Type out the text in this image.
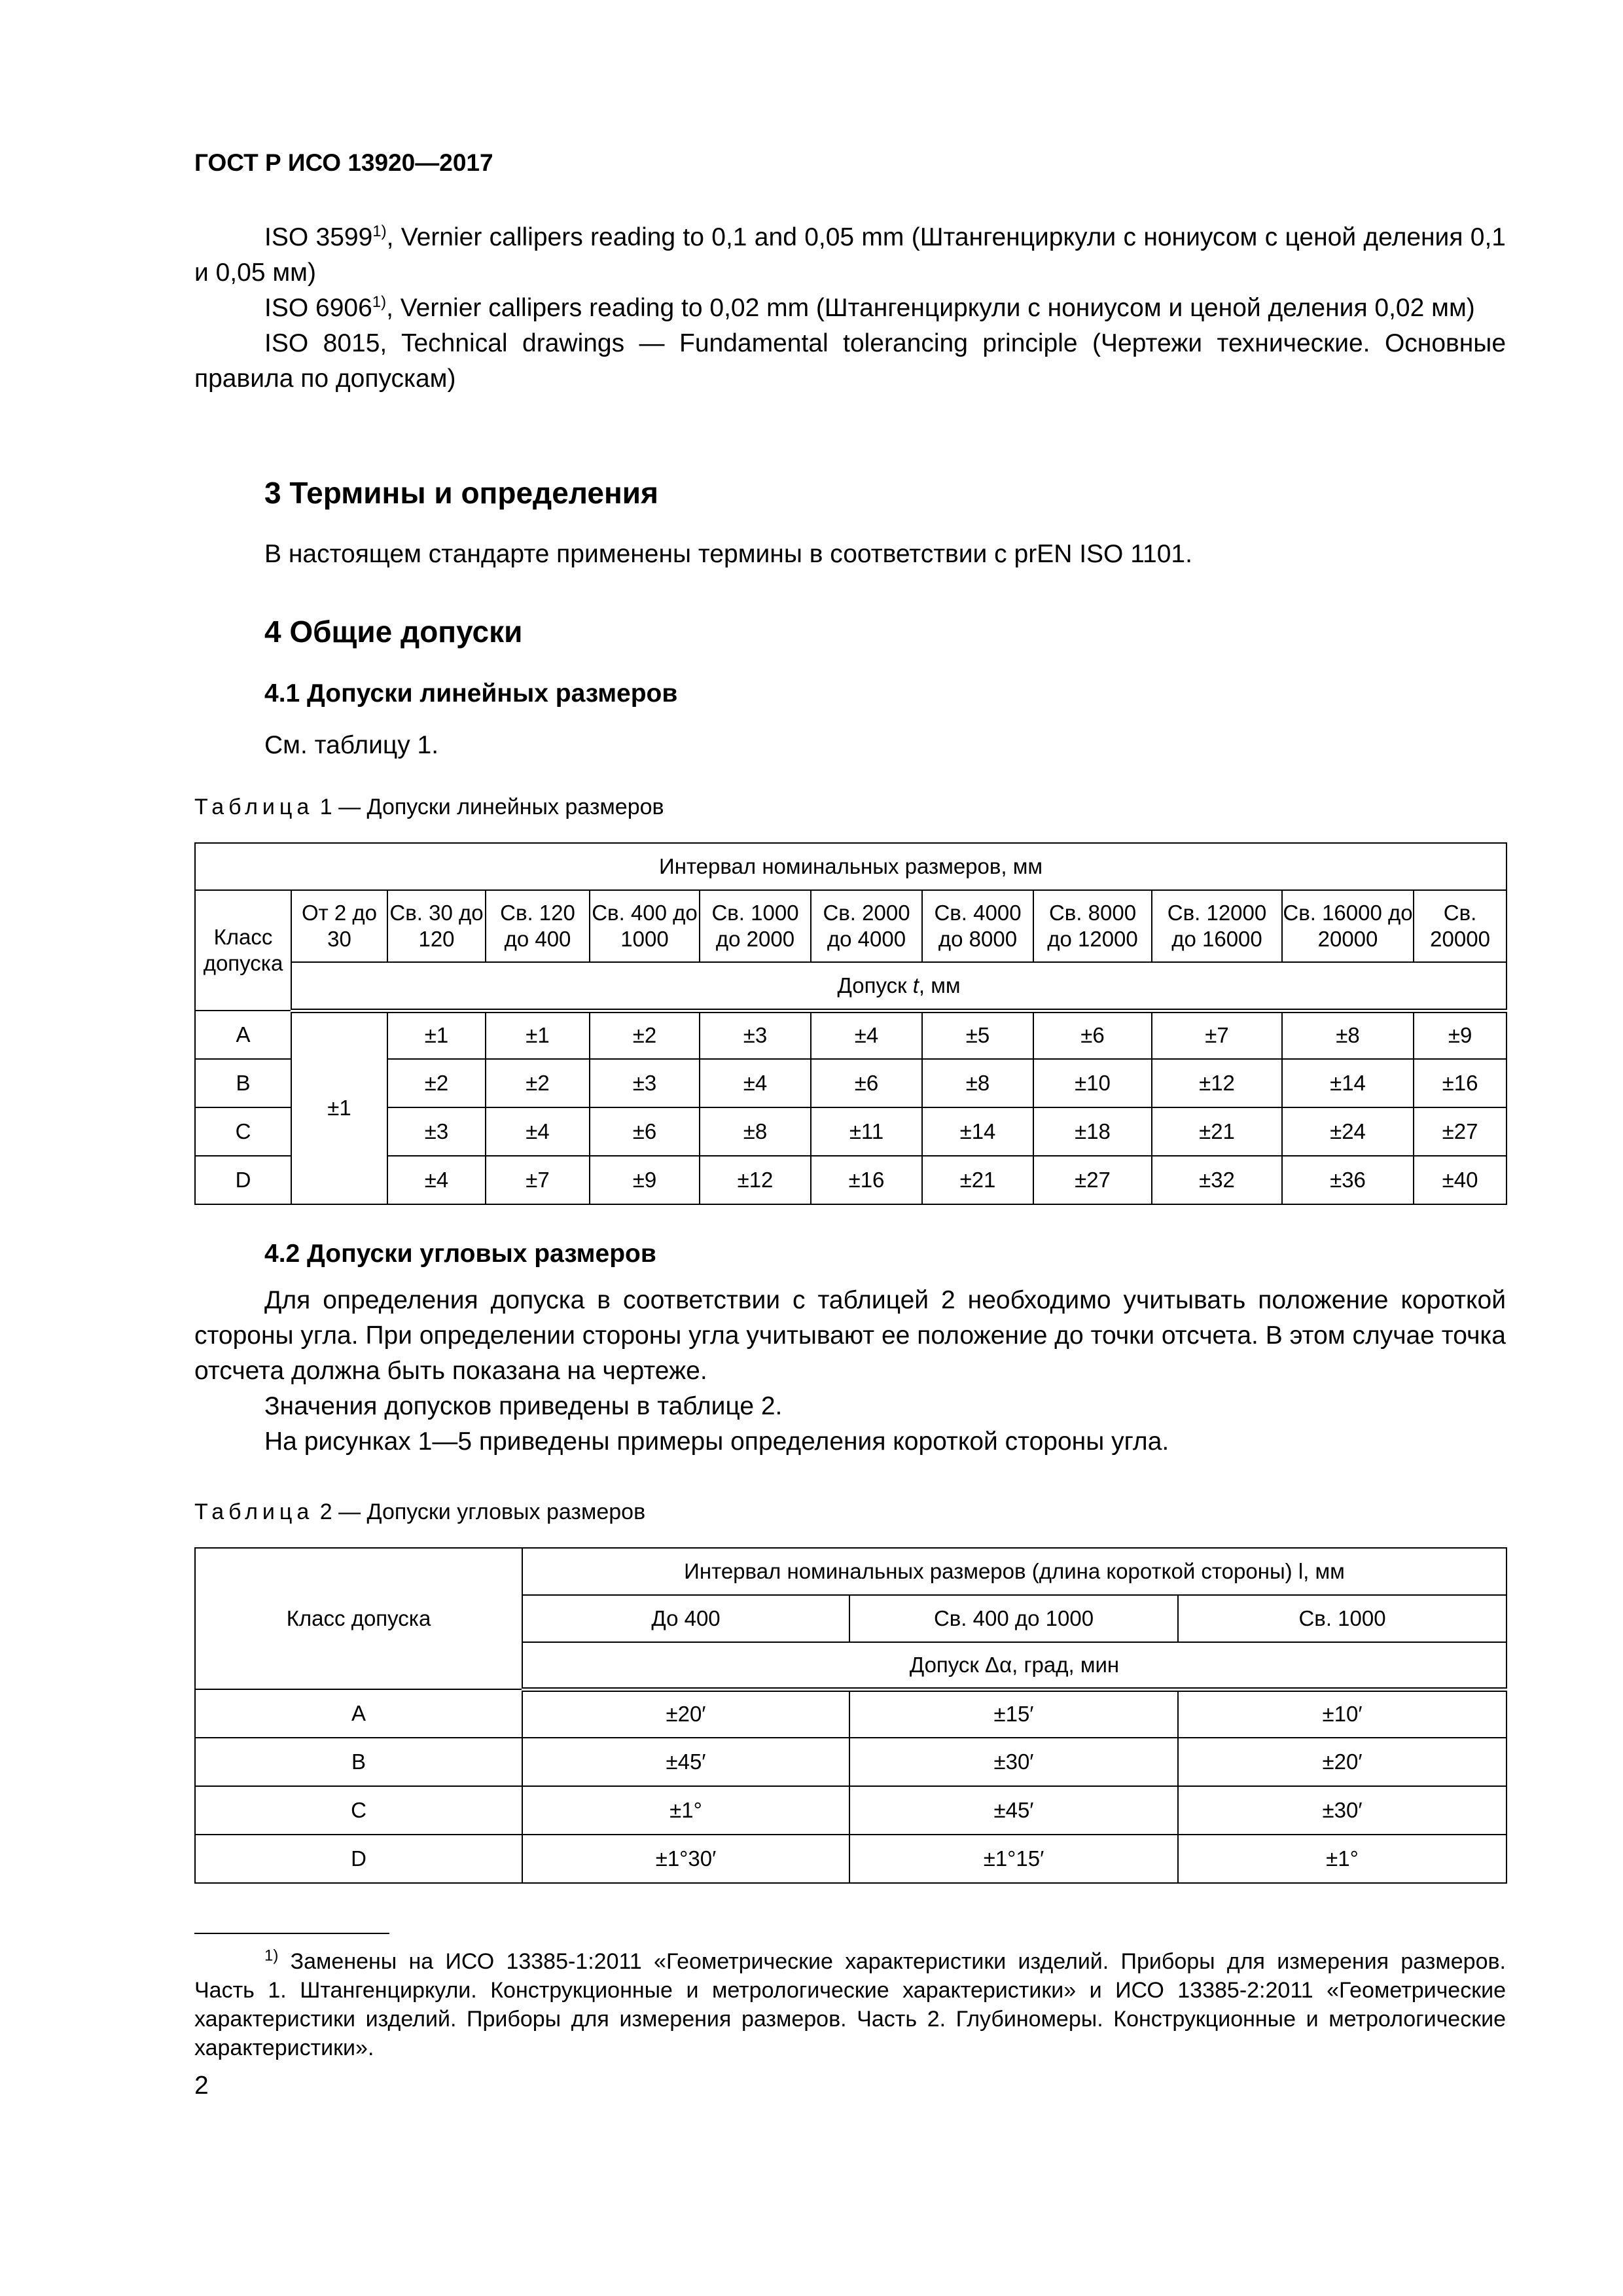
ГОСТ Р ИСО 13920—2017

ISO 3599$^{1)}$, Vernier callipers reading to 0,1 and 0,05 mm (Штангенциркули с нониусом с ценой деления 0,1 и 0,05 мм)

ISO 6906$^{1)}$, Vernier callipers reading to 0,02 mm (Штангенциркули с нониусом и ценой деления 0,02 мм)

ISO 8015, Technical drawings — Fundamental tolerancing principle (Чертежи технические. Основные правила по допускам)

3 Термины и определения
В настоящем стандарте применены термины в соответствии с prEN ISO 1101.
4 Общие допуски
4.1 Допуски линейных размеров
См. таблицу 1.
Таблица 1 — Допуски линейных размеров
Интервал номинальных размеров, мм											
Класс допуска	От 2 до 30	Св. 30 до 120	Св. 120 до 400	Св. 400 до 1000	Св. 1000 до 2000	Св. 2000 до 4000	Св. 4000 до 8000	Св. 8000 до 12000	Св. 12000 до 16000	Св. 16000 до 20000	Св. 20000
	Допуск t, мм										
A	±1	±1	±1	±2	±3	±4	±5	±6	±7	±8	±9
B		±2	±2	±3	±4	±6	±8	±10	±12	±14	±16
C		±3	±4	±6	±8	±11	±14	±18	±21	±24	±27
D		±4	±7	±9	±12	±16	±21	±27	±32	±36	±40
4.2 Допуски угловых размеров

Для определения допуска в соответствии с таблицей 2 необходимо учитывать положение короткой стороны угла. При определении стороны угла учитывают ее положение до точки отсчета. В этом случае точка отсчета должна быть показана на чертеже.

Значения допусков приведены в таблице 2.

На рисунках 1—5 приведены примеры определения короткой стороны угла.

Таблица 2 — Допуски угловых размеров
Класс допуска	Интервал номинальных размеров (длина короткой стороны) l, мм		
	До 400	Св. 400 до 1000	Св. 1000
	Допуск Δα, град, мин		
A	±20′	±15′	±10′
B	±45′	±30′	±20′
C	±1°	±45′	±30′
D	±1°30′	±1°15′	±1°
$^{1)}$ Заменены на ИСО 13385-1:2011 «Геометрические характеристики изделий. Приборы для измерения размеров. Часть 1. Штангенциркули. Конструкционные и метрологические характеристики» и ИСО 13385-2:2011 «Геометрические характеристики изделий. Приборы для измерения размеров. Часть 2. Глубиномеры. Конструкционные и метрологические характеристики».
2
